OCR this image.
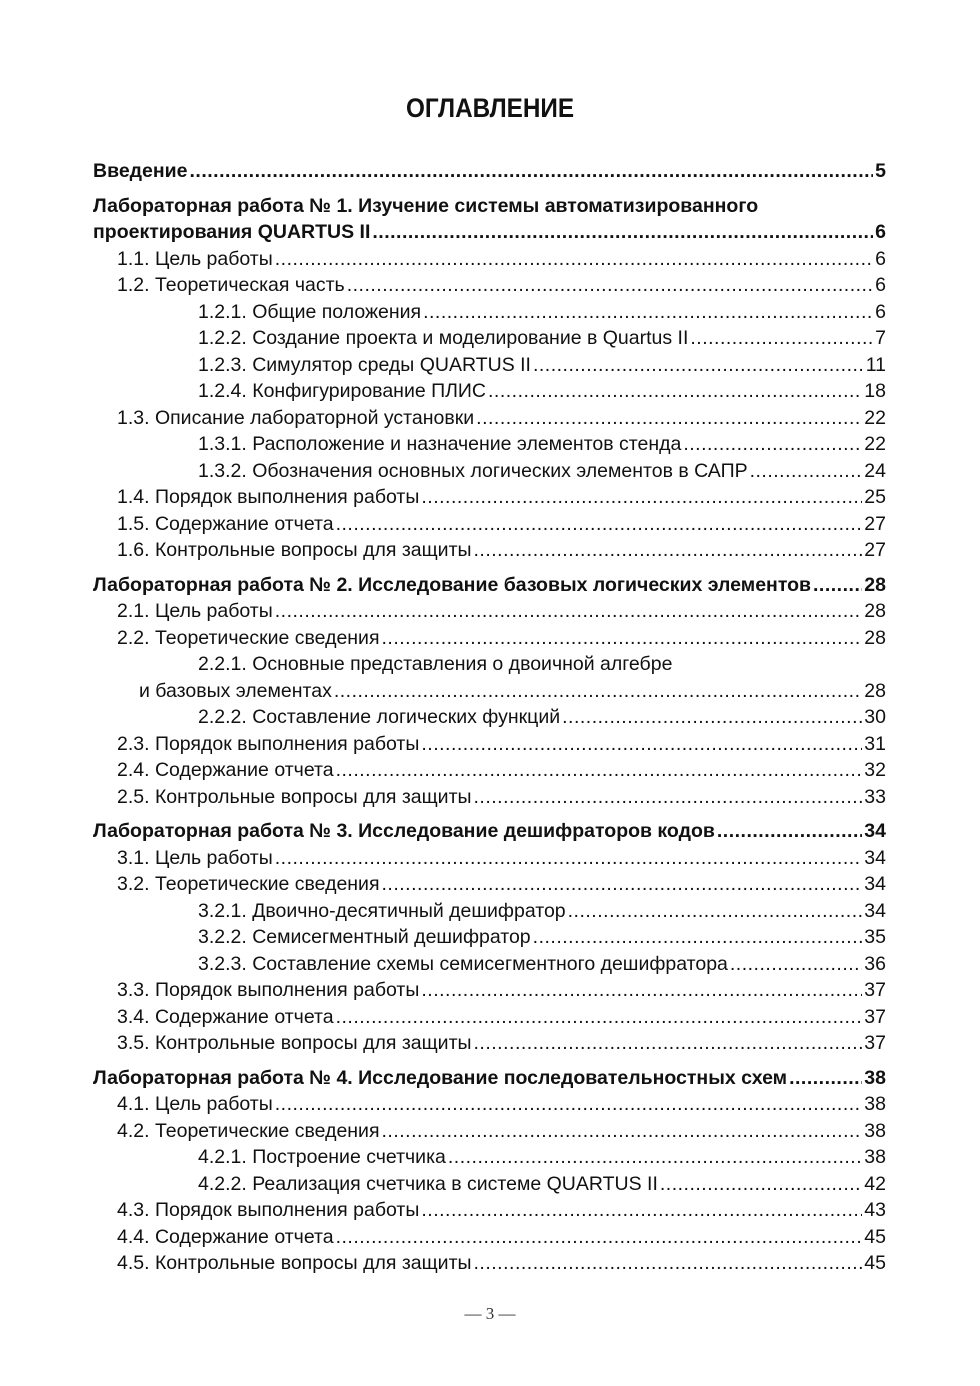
ОГЛАВЛЕНИЕ
Введение .....	5
Лабораторная работа № 1. Изучение системы автоматизированного
проектирования QUARTUS II .....	6
1.1. Цель работы .....	6
1.2. Теоретическая часть .....	6
1.2.1. Общие положения .....	6
1.2.2. Создание проекта и моделирование в Quartus II .....	7
1.2.3. Симулятор среды QUARTUS II .....	11
1.2.4. Конфигурирование ПЛИС .....	18
1.3. Описание лабораторной установки .....	22
1.3.1. Расположение и назначение элементов стенда .....	22
1.3.2. Обозначения основных логических элементов в САПР .....	24
1.4. Порядок выполнения работы .....	25
1.5. Содержание отчета .....	27
1.6. Контрольные вопросы для защиты .....	27
Лабораторная работа № 2. Исследование базовых логических элементов .....	28
2.1. Цель работы .....	28
2.2. Теоретические сведения .....	28
2.2.1. Основные представления о двоичной алгебре
и базовых элементах .....	28
2.2.2. Составление логических функций .....	30
2.3. Порядок выполнения работы .....	31
2.4. Содержание отчета .....	32
2.5. Контрольные вопросы для защиты .....	33
Лабораторная работа № 3. Исследование дешифраторов кодов .....	34
3.1. Цель работы .....	34
3.2. Теоретические сведения .....	34
3.2.1. Двоично-десятичный дешифратор .....	34
3.2.2. Семисегментный дешифратор .....	35
3.2.3. Составление схемы семисегментного дешифратора .....	36
3.3. Порядок выполнения работы .....	37
3.4. Содержание отчета .....	37
3.5. Контрольные вопросы для защиты .....	37
Лабораторная работа № 4. Исследование последовательностных схем .....	38
4.1. Цель работы .....	38
4.2. Теоретические сведения .....	38
4.2.1. Построение счетчика .....	38
4.2.2. Реализация счетчика в системе QUARTUS II .....	42
4.3. Порядок выполнения работы .....	43
4.4. Содержание отчета .....	45
4.5. Контрольные вопросы для защиты .....	45
— 3 —
